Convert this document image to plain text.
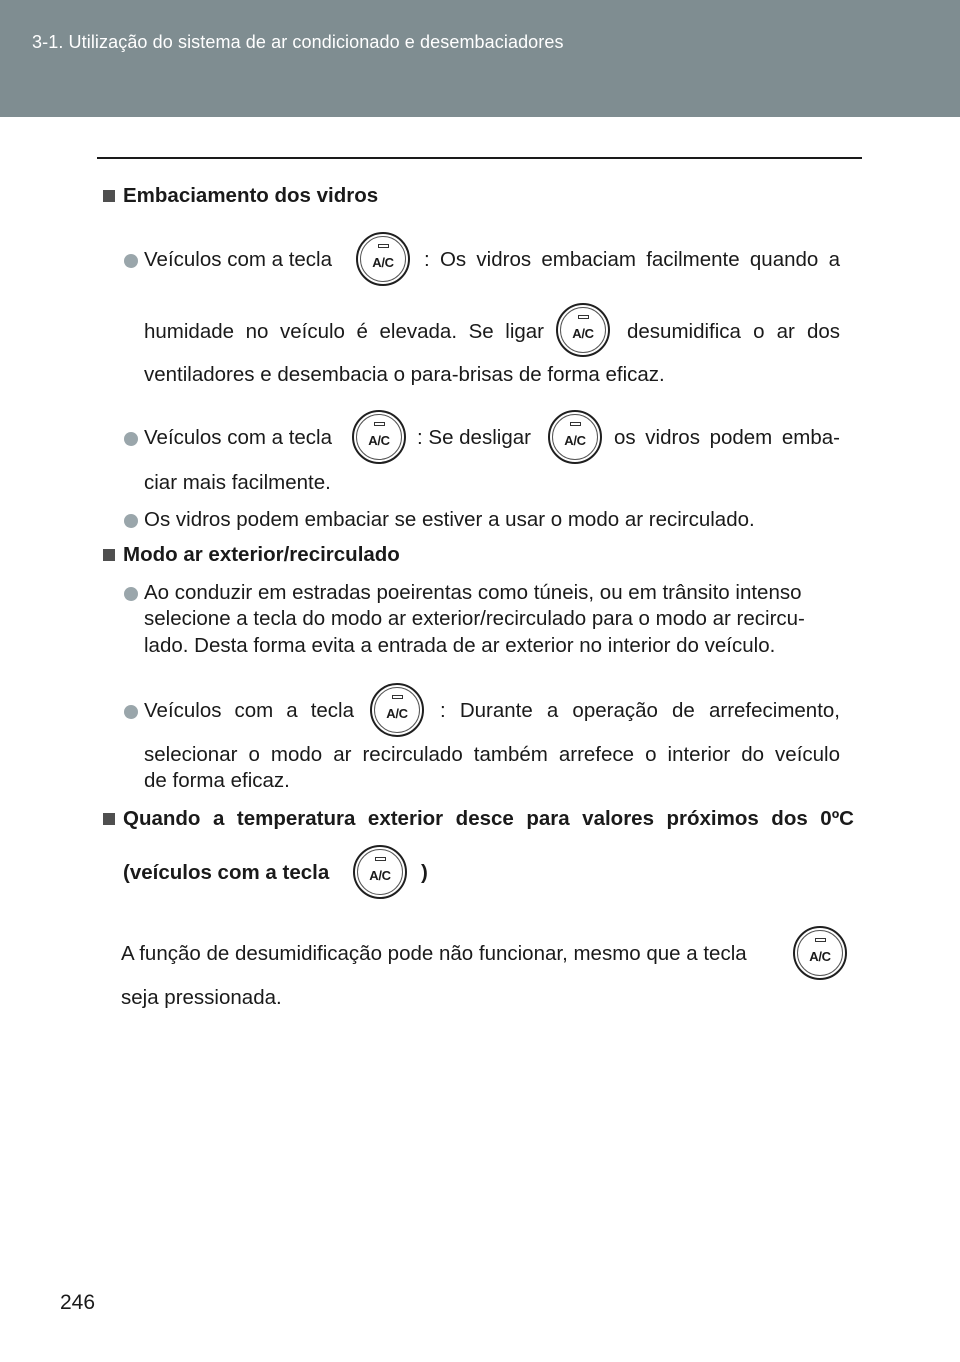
3-1. Utilização do sistema de ar condicionado e desembaciadores
Embaciamento dos vidros
Veículos com a tecla	A/C	: Os vidros embaciam facilmente quando a
humidade no veículo é elevada. Se ligar	A/C	desumidifica o ar dos
ventiladores e desembacia o para-brisas de forma eficaz.
Veículos com a tecla	A/C	: Se desligar	A/C	os vidros podem emba-
ciar mais facilmente.
Os vidros podem embaciar se estiver a usar o modo ar recirculado.
Modo ar exterior/recirculado
Ao conduzir em estradas poeirentas como túneis, ou em trânsito intenso
selecione a tecla do modo ar exterior/recirculado para o modo ar recircu-
lado. Desta forma evita a entrada de ar exterior no interior do veículo.
Veículos com a tecla	A/C	: Durante a operação de arrefecimento,
selecionar o modo ar recirculado também arrefece o interior do veículo
de forma eficaz.
Quando a temperatura exterior desce para valores próximos dos 0ºC
(veículos com a tecla	A/C	)
A função de desumidificação pode não funcionar, mesmo que a tecla	A/C
seja pressionada.
246
